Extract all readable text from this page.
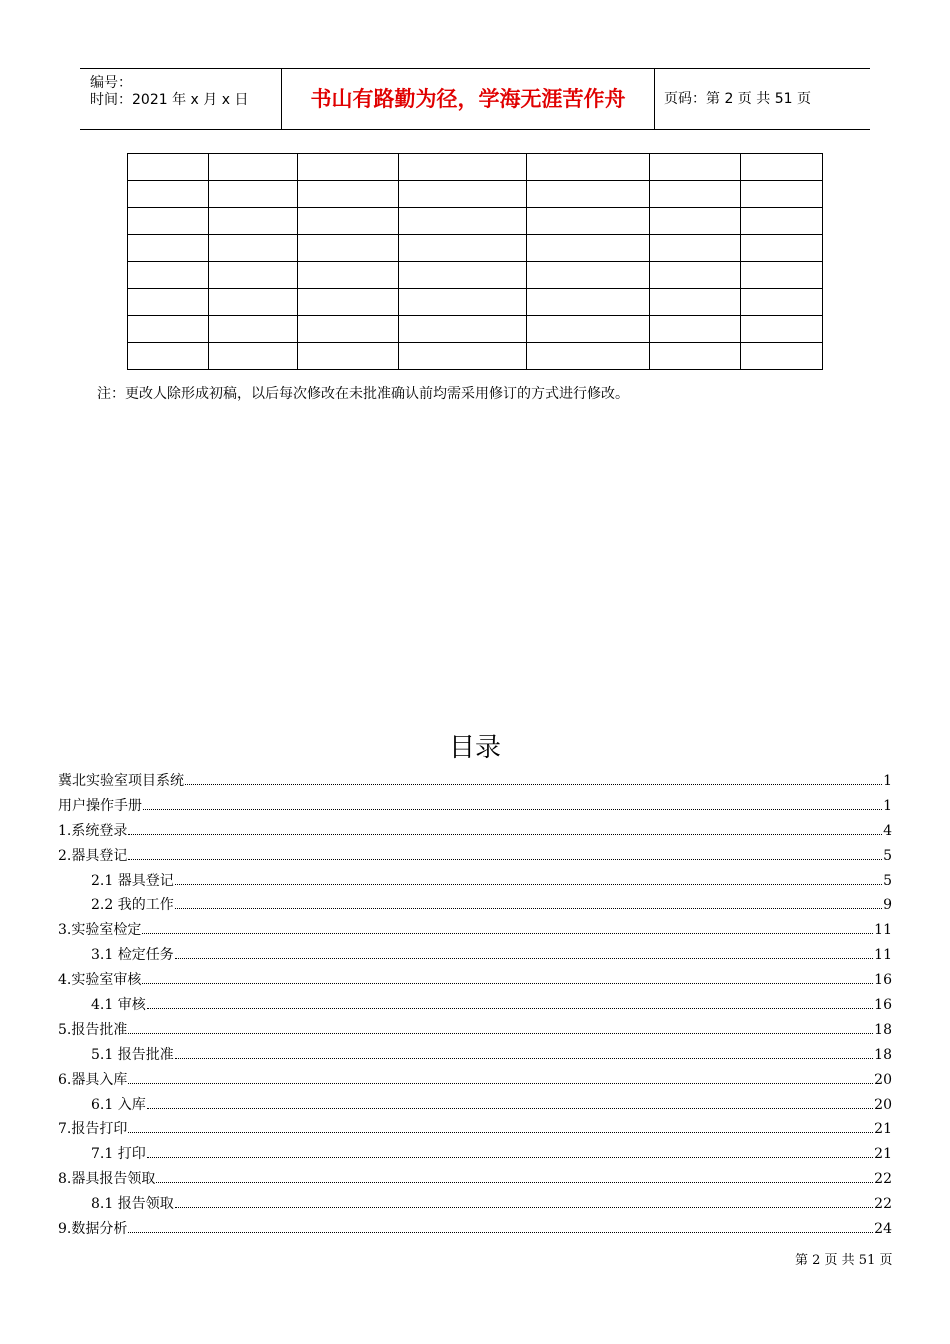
编号：
时间：2021 年 x 月 x 日	书山有路勤为径，学海无涯苦作舟	页码：第 2 页 共 51 页

注：更改人除形成初稿，以后每次修改在未批准确认前均需采用修订的方式进行修改。
目录
冀北实验室项目系统	1
用户操作手册	1
1.系统登录	4
2.器具登记	5
2.1 器具登记	5
2.2 我的工作	9
3.实验室检定	11
3.1 检定任务	11
4.实验室审核	16
4.1 审核	16
5.报告批准	18
5.1 报告批准	18
6.器具入库	20
6.1 入库	20
7.报告打印	21
7.1 打印	21
8.器具报告领取	22
8.1 报告领取	22
9.数据分析	24
第 2 页 共 51 页
